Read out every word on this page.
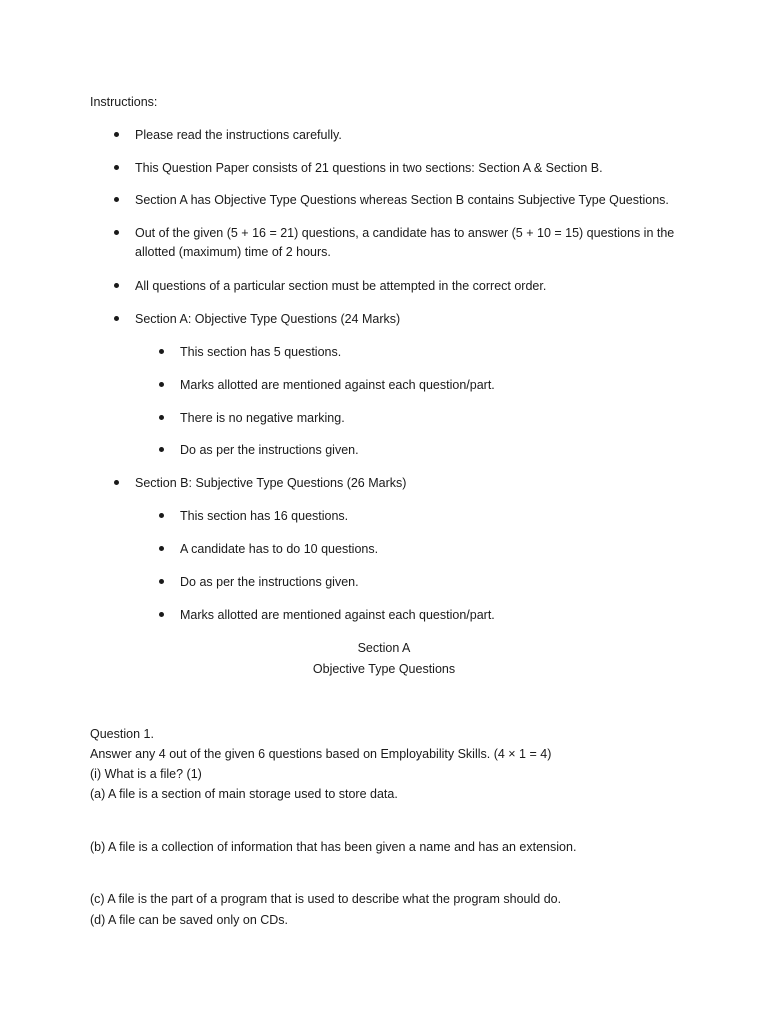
Instructions:
Please read the instructions carefully.
This Question Paper consists of 21 questions in two sections: Section A & Section B.
Section A has Objective Type Questions whereas Section B contains Subjective Type Questions.
Out of the given (5 + 16 = 21) questions, a candidate has to answer (5 + 10 = 15) questions in the
allotted (maximum) time of 2 hours.
All questions of a particular section must be attempted in the correct order.
Section A: Objective Type Questions (24 Marks)
This section has 5 questions.
Marks allotted are mentioned against each question/part.
There is no negative marking.
Do as per the instructions given.
Section B: Subjective Type Questions (26 Marks)
This section has 16 questions.
A candidate has to do 10 questions.
Do as per the instructions given.
Marks allotted are mentioned against each question/part.
Section A
Objective Type Questions
Question 1.
Answer any 4 out of the given 6 questions based on Employability Skills. (4 × 1 = 4)
(i) What is a file? (1)
(a) A file is a section of main storage used to store data.
(b) A file is a collection of information that has been given a name and has an extension.
(c) A file is the part of a program that is used to describe what the program should do.
(d) A file can be saved only on CDs.
